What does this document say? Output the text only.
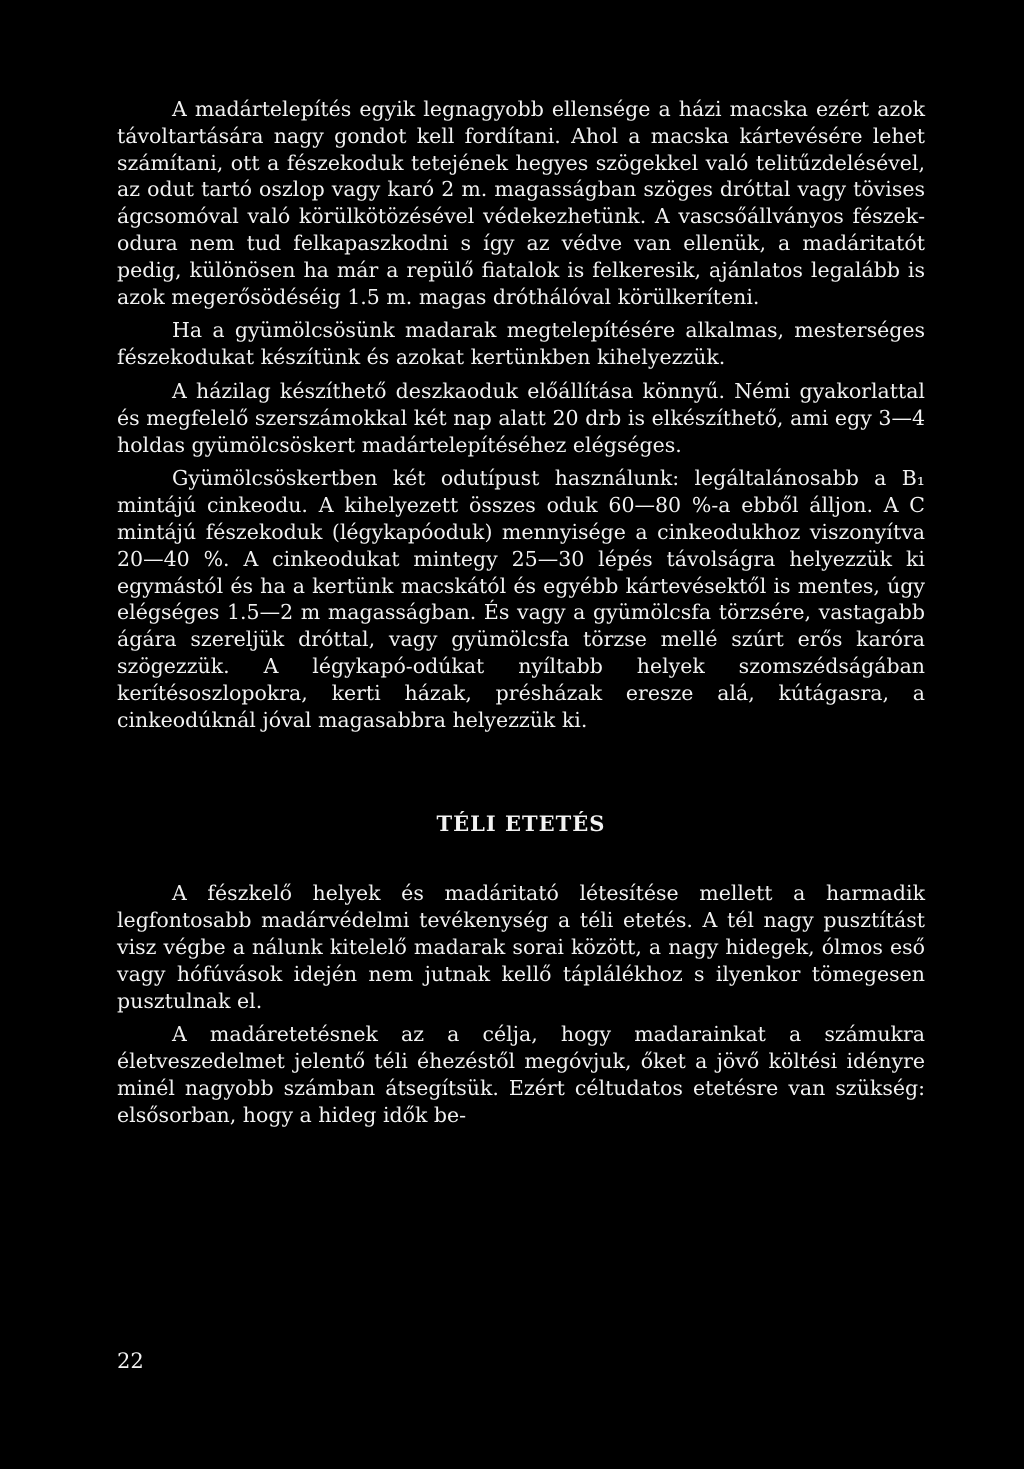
A madártelepítés egyik legnagyobb ellensége a házi macska ezért azok távoltartására nagy gondot kell fordítani. Ahol a macska kártevésére lehet számítani, ott a fészekoduk tetejének hegyes szögekkel való telitűzdelésével, az odut tartó oszlop vagy karó 2 m. magasságban szöges dróttal vagy tövises ágcsomóval való körülkötözésével védekezhetünk. A vascsőállványos fészekodura nem tud felkapaszkodni s így az védve van ellenük, a madáritatót pedig, különösen ha már a repülő fiatalok is felkeresik, ajánlatos legalább is azok megerősödéséig 1.5 m. magas dróthálóval körülkeríteni.

Ha a gyümölcsösünk madarak megtelepítésére alkalmas, mesterséges fészekodukat készítünk és azokat kertünkben kihelyezzük.

A házilag készíthető deszkaoduk előállítása könnyű. Némi gyakorlattal és megfelelő szerszámokkal két nap alatt 20 drb is elkészíthető, ami egy 3—4 holdas gyümölcsöskert madártelepítéséhez elégséges.

Gyümölcsöskertben két odutípust használunk: legáltalánosabb a B₁ mintájú cinkeodu. A kihelyezett összes oduk 60—80 %-a ebből álljon. A C mintájú fészekoduk (légykapóoduk) mennyisége a cinkeodukhoz viszonyítva 20—40 %. A cinkeodukat mintegy 25—30 lépés távolságra helyezzük ki egymástól és ha a kertünk macskától és egyébb kártevésektől is mentes, úgy elégséges 1.5—2 m magasságban. És vagy a gyümölcsfa törzsére, vastagabb ágára szereljük dróttal, vagy gyümölcsfa törzse mellé szúrt erős karóra szögezzük. A légykapó-odúkat nyíltabb helyek szomszédságában kerítésoszlopokra, kerti házak, présházak eresze alá, kútágasra, a cinkeodúknál jóval magasabbra helyezzük ki.

TÉLI ETETÉS

A fészkelő helyek és madáritató létesítése mellett a harmadik legfontosabb madárvédelmi tevékenység a téli etetés. A tél nagy pusztítást visz végbe a nálunk kitelelő madarak sorai között, a nagy hidegek, ólmos eső vagy hófúvások idején nem jutnak kellő táplálékhoz s ilyenkor tömegesen pusztulnak el.

A madáretetésnek az a célja, hogy madarainkat a számukra életveszedelmet jelentő téli éhezéstől megóvjuk, őket a jövő költési idényre minél nagyobb számban átsegítsük. Ezért céltudatos etetésre van szükség: elsősorban, hogy a hideg idők be-

22
